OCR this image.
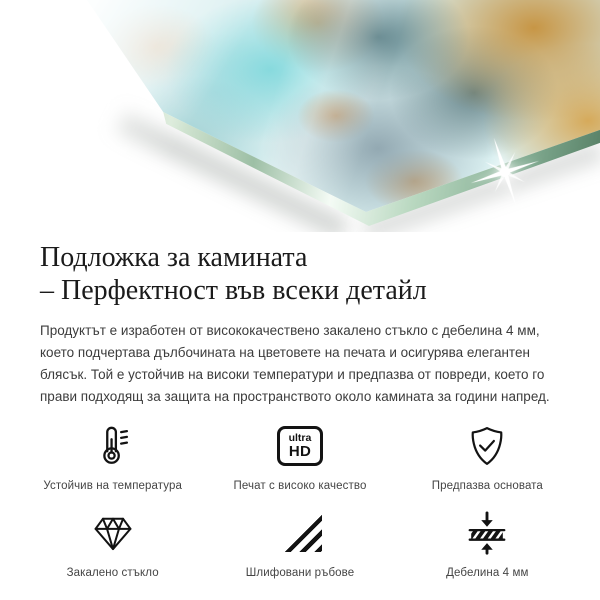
Подложка за камината
– Перфектност във всеки детайл

Продуктът е изработен от висококачествено закалено стъкло с дебелина 4 мм, което подчертава дълбочината на цветовете на печата и осигурява елегантен блясък. Той е устойчив на високи температури и предпазва от повреди, което го прави подходящ за защита на пространството около камината за години напред.

Устойчив на температура
ultra
HD
Печат с високо качество	Предпазва основата
Закалено стъкло	Шлифовани ръбове	Дебелина 4 мм
